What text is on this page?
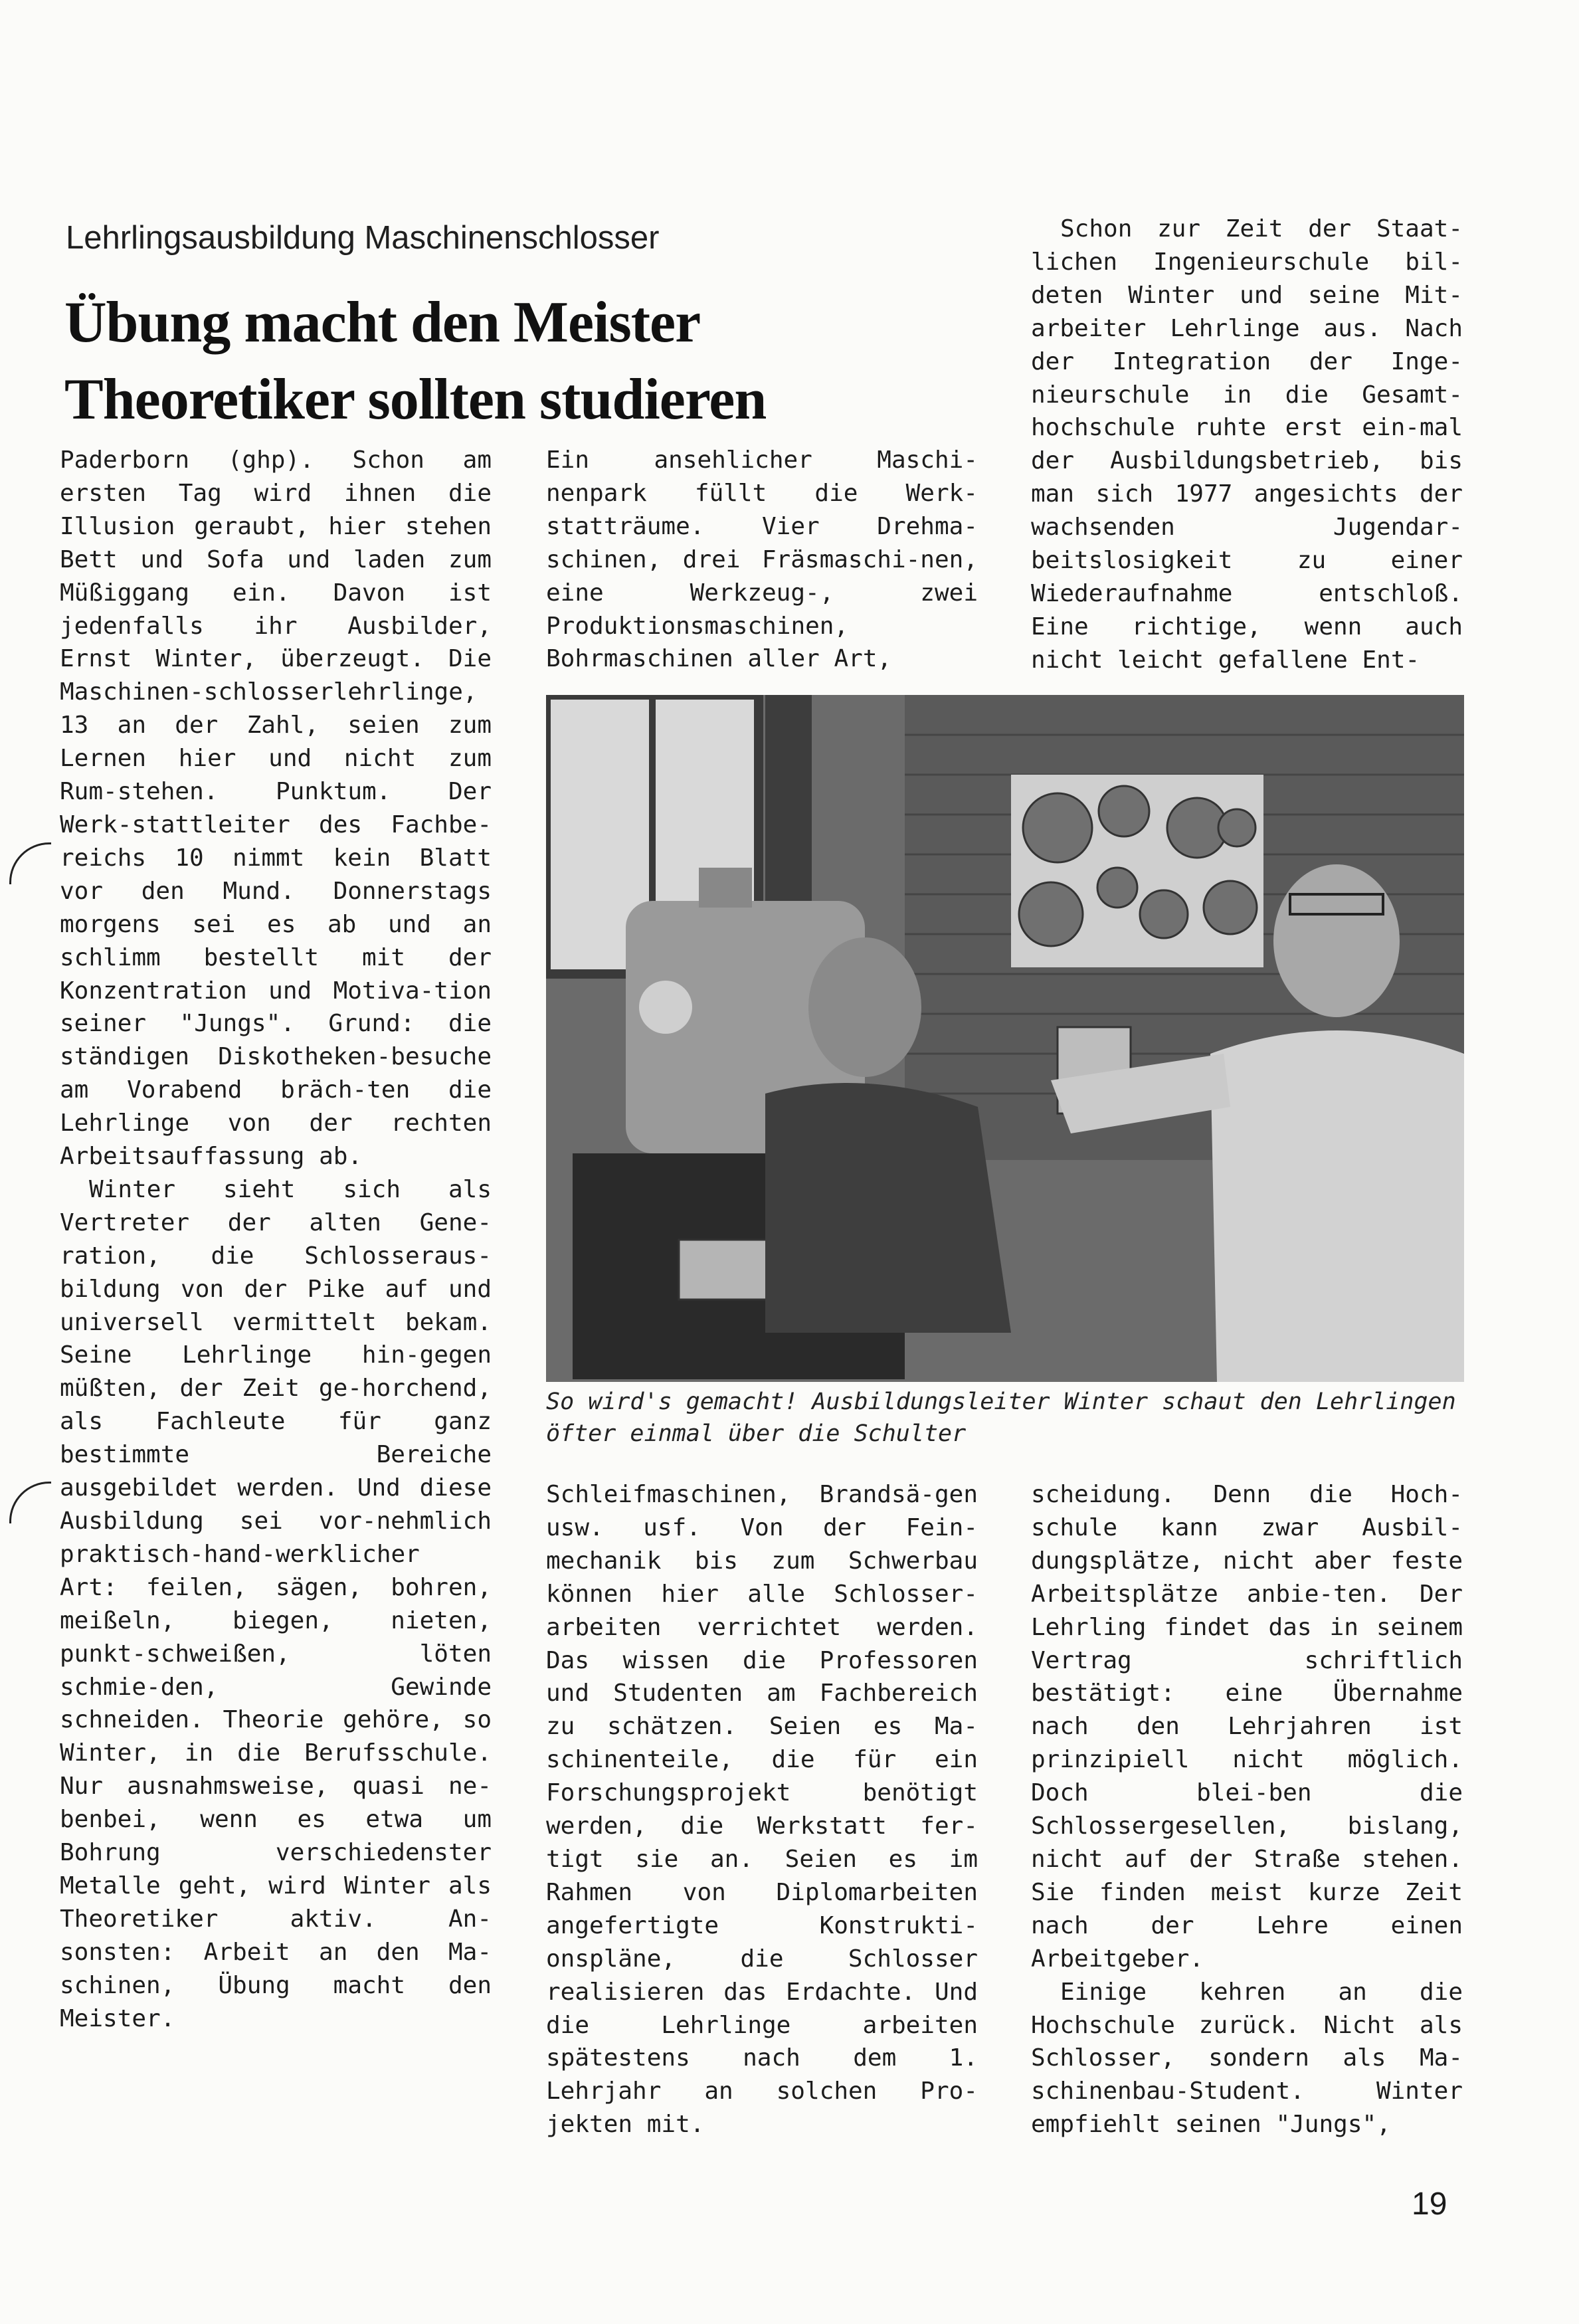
Lehrlingsausbildung Maschinenschlosser
Übung macht den Meister
Theoretiker sollten studieren

Paderborn (ghp). Schon am ersten Tag wird ihnen die Illusion geraubt, hier stehen Bett und Sofa und laden zum Müßiggang ein. Davon ist jedenfalls ihr Ausbilder, Ernst Winter, überzeugt. Die Maschinen-schlosserlehrlinge, 13 an der Zahl, seien zum Lernen hier und nicht zum Rum-stehen. Punktum. Der Werk-stattleiter des Fachbe-reichs 10 nimmt kein Blatt vor den Mund. Donnerstags morgens sei es ab und an schlimm bestellt mit der Konzentration und Motiva-tion seiner "Jungs". Grund: die ständigen Diskotheken-besuche am Vorabend bräch-ten die Lehrlinge von der rechten Arbeitsauffassung ab.

Winter sieht sich als Vertreter der alten Gene-ration, die Schlosseraus-bildung von der Pike auf und universell vermittelt bekam. Seine Lehrlinge hin-gegen müßten, der Zeit ge-horchend, als Fachleute für ganz bestimmte Bereiche ausgebildet werden. Und diese Ausbildung sei vor-nehmlich praktisch-hand-werklicher Art: feilen, sägen, bohren, meißeln, biegen, nieten, punkt-schweißen, löten schmie-den, Gewinde schneiden. Theorie gehöre, so Winter, in die Berufsschule. Nur ausnahmsweise, quasi ne-benbei, wenn es etwa um Bohrung verschiedenster Metalle geht, wird Winter als Theoretiker aktiv. An-sonsten: Arbeit an den Ma-schinen, Übung macht den Meister.

Ein ansehlicher Maschi-nenpark füllt die Werk-statträume. Vier Drehma-schinen, drei Fräsmaschi-nen, eine Werkzeug-, zwei Produktionsmaschinen, Bohrmaschinen aller Art,

Schon zur Zeit der Staat-lichen Ingenieurschule bil-deten Winter und seine Mit-arbeiter Lehrlinge aus. Nach der Integration der Inge-nieurschule in die Gesamt-hochschule ruhte erst ein-mal der Ausbildungsbetrieb, bis man sich 1977 angesichts der wachsenden Jugendar-beitslosigkeit zu einer Wiederaufnahme entschloß. Eine richtige, wenn auch nicht leicht gefallene Ent-

So wird's gemacht! Ausbildungsleiter Winter schaut den Lehrlingen öfter einmal über die Schulter

Schleifmaschinen, Brandsä-gen usw. usf. Von der Fein-mechanik bis zum Schwerbau können hier alle Schlosser-arbeiten verrichtet werden. Das wissen die Professoren und Studenten am Fachbereich zu schätzen. Seien es Ma-schinenteile, die für ein Forschungsprojekt benötigt werden, die Werkstatt fer-tigt sie an. Seien es im Rahmen von Diplomarbeiten angefertigte Konstrukti-onspläne, die Schlosser realisieren das Erdachte. Und die Lehrlinge arbeiten spätestens nach dem 1. Lehrjahr an solchen Pro-jekten mit.

scheidung. Denn die Hoch-schule kann zwar Ausbil-dungsplätze, nicht aber feste Arbeitsplätze anbie-ten. Der Lehrling findet das in seinem Vertrag schriftlich bestätigt: eine Übernahme nach den Lehrjahren ist prinzipiell nicht möglich. Doch blei-ben die Schlossergesellen, bislang, nicht auf der Straße stehen. Sie finden meist kurze Zeit nach der Lehre einen Arbeitgeber.

Einige kehren an die Hochschule zurück. Nicht als Schlosser, sondern als Ma-schinenbau-Student. Winter empfiehlt seinen "Jungs",

19
